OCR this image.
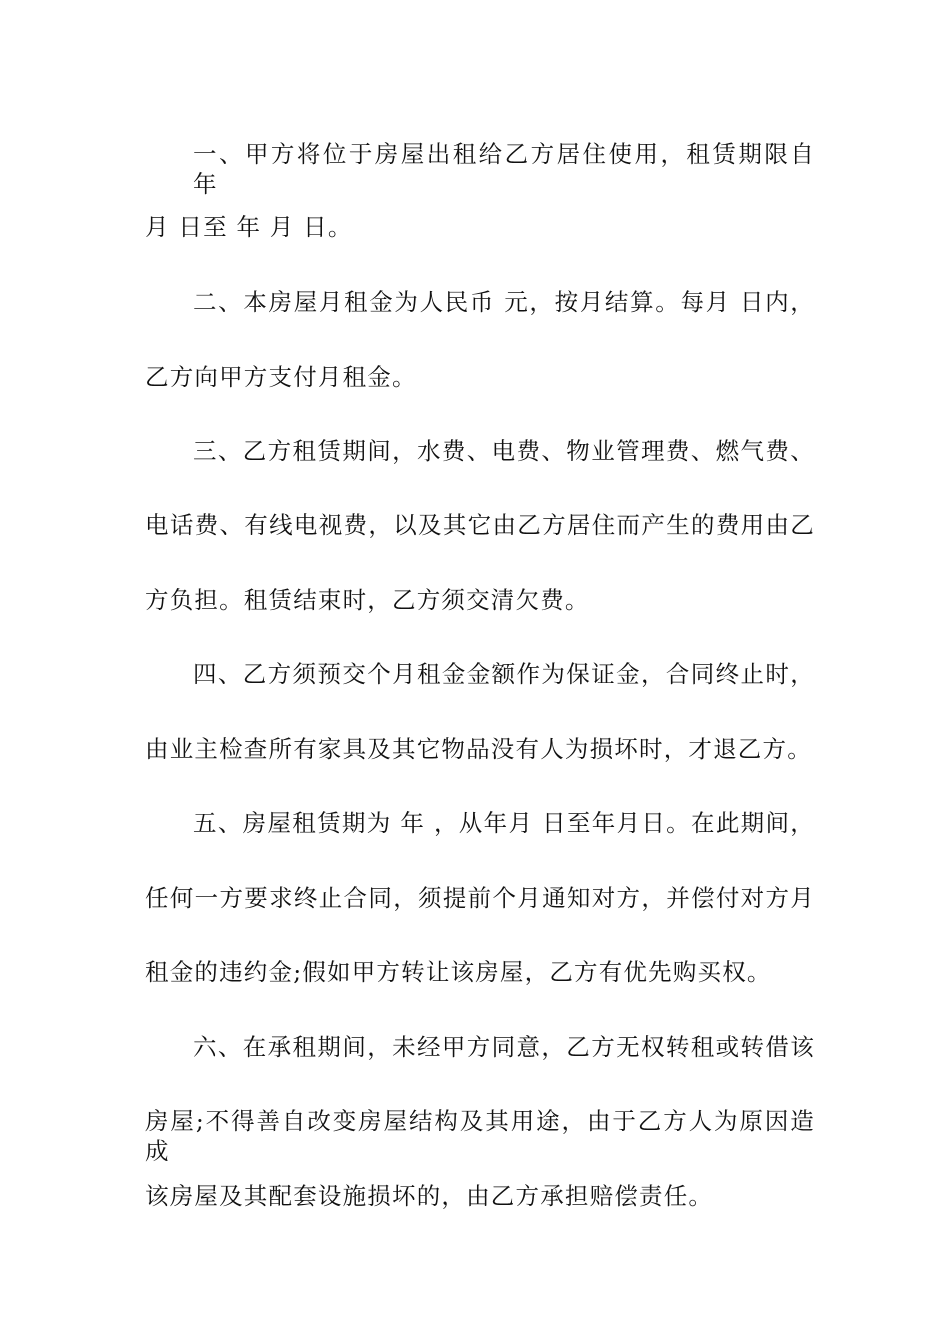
一、甲方将位于房屋出租给乙方居住使用，租赁期限自 年
月 日至 年 月 日。
二、本房屋月租金为人民币 元，按月结算。每月 日内，
乙方向甲方支付月租金。
三、乙方租赁期间，水费、电费、物业管理费、燃气费、
电话费、有线电视费，以及其它由乙方居住而产生的费用由乙
方负担。租赁结束时，乙方须交清欠费。
四、乙方须预交个月租金金额作为保证金，合同终止时，
由业主检查所有家具及其它物品没有人为损坏时，才退乙方。
五、房屋租赁期为 年 ，从年月 日至年月日。在此期间，
任何一方要求终止合同，须提前个月通知对方，并偿付对方月
租金的违约金;假如甲方转让该房屋，乙方有优先购买权。
六、在承租期间，未经甲方同意，乙方无权转租或转借该
房屋;不得善自改变房屋结构及其用途，由于乙方人为原因造成
该房屋及其配套设施损坏的，由乙方承担赔偿责任。
